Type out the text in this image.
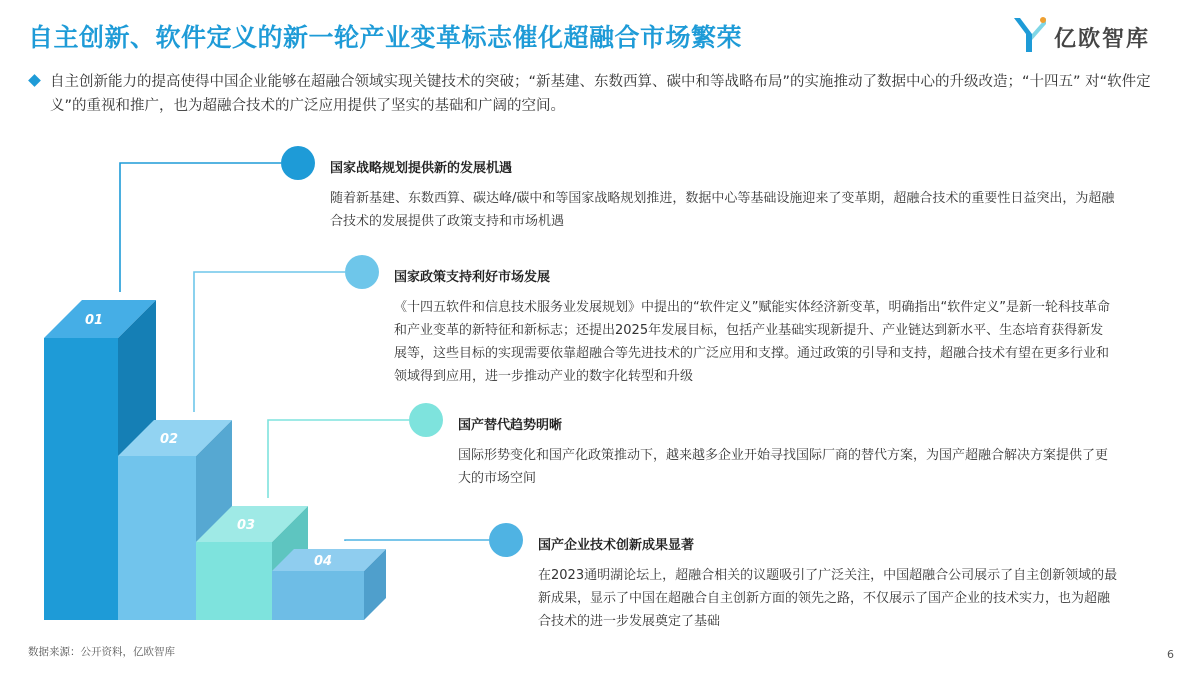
自主创新、软件定义的新一轮产业变革标志催化超融合市场繁荣	亿欧智库
自主创新能力的提高使得中国企业能够在超融合领域实现关键技术的突破；“新基建、东数西算、碳中和等战略布局”的实施推动了数据中心的升级改造；“十四五” 对“软件定义”的重视和推广，也为超融合技术的广泛应用提供了坚实的基础和广阔的空间。
01
02
03
04
国家战略规划提供新的发展机遇
随着新基建、东数西算、碳达峰/碳中和等国家战略规划推进，数据中心等基础设施迎来了变革期，超融合技术的重要性日益突出，为超融合技术的发展提供了政策支持和市场机遇
国家政策支持利好市场发展
《十四五软件和信息技术服务业发展规划》中提出的“软件定义”赋能实体经济新变革，明确指出“软件定义”是新一轮科技革命和产业变革的新特征和新标志；还提出2025年发展目标，包括产业基础实现新提升、产业链达到新水平、生态培育获得新发展等，这些目标的实现需要依靠超融合等先进技术的广泛应用和支撑。通过政策的引导和支持，超融合技术有望在更多行业和领域得到应用，进一步推动产业的数字化转型和升级
国产替代趋势明晰
国际形势变化和国产化政策推动下，越来越多企业开始寻找国际厂商的替代方案，为国产超融合解决方案提供了更大的市场空间
国产企业技术创新成果显著
在2023通明湖论坛上，超融合相关的议题吸引了广泛关注，中国超融合公司展示了自主创新领域的最新成果，显示了中国在超融合自主创新方面的领先之路，不仅展示了国产企业的技术实力，也为超融合技术的进一步发展奠定了基础
数据来源：公开资料，亿欧智库	6
